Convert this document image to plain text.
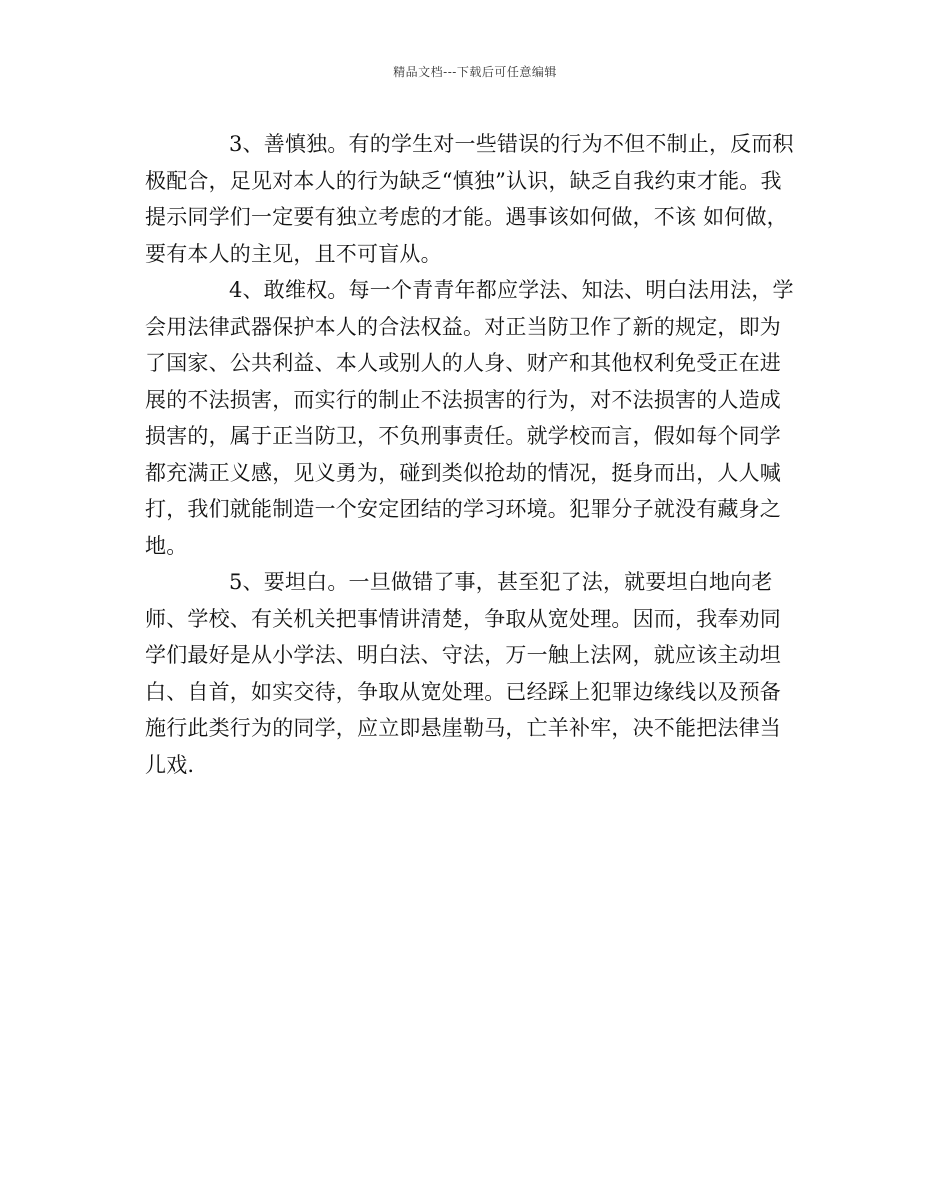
精品文档---下载后可任意编辑
3、善慎独。有的学生对一些错误的行为不但不制止，反而积
极配合，足见对本人的行为缺乏“慎独”认识，缺乏自我约束才能。我
提示同学们一定要有独立考虑的才能。遇事该如何做，不该 如何做，
要有本人的主见，且不可盲从。
4、敢维权。每一个青青年都应学法、知法、明白法用法，学
会用法律武器保护本人的合法权益。对正当防卫作了新的规定，即为
了国家、公共利益、本人或别人的人身、财产和其他权利免受正在进
展的不法损害，而实行的制止不法损害的行为，对不法损害的人造成
损害的，属于正当防卫，不负刑事责任。就学校而言，假如每个同学
都充满正义感，见义勇为，碰到类似抢劫的情况，挺身而出，人人喊
打，我们就能制造一个安定团结的学习环境。犯罪分子就没有藏身之
地。
5、要坦白。一旦做错了事，甚至犯了法，就要坦白地向老
师、学校、有关机关把事情讲清楚，争取从宽处理。因而，我奉劝同
学们最好是从小学法、明白法、守法，万一触上法网，就应该主动坦
白、自首，如实交待，争取从宽处理。已经踩上犯罪边缘线以及预备
施行此类行为的同学，应立即悬崖勒马，亡羊补牢，决不能把法律当
儿戏.
